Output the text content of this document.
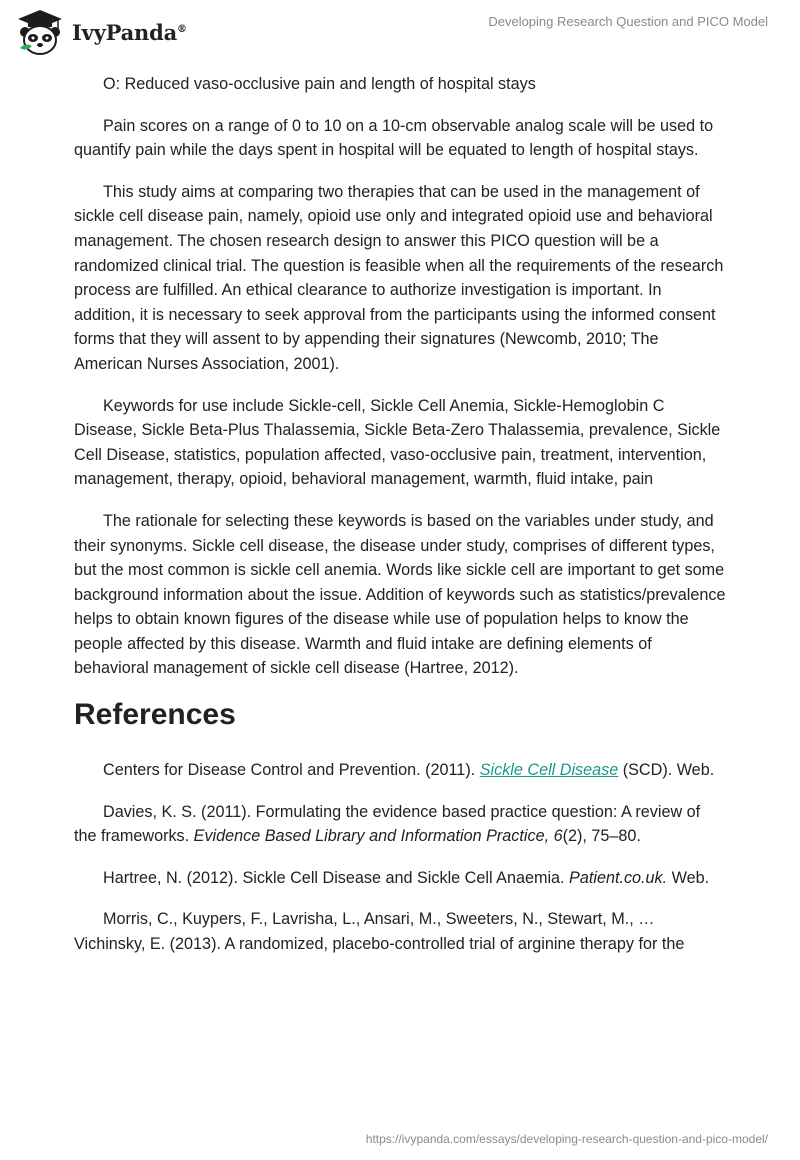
IvyPanda®	Developing Research Question and PICO Model

O: Reduced vaso-occlusive pain and length of hospital stays

Pain scores on a range of 0 to 10 on a 10-cm observable analog scale will be used to quantify pain while the days spent in hospital will be equated to length of hospital stays.

This study aims at comparing two therapies that can be used in the management of sickle cell disease pain, namely, opioid use only and integrated opioid use and behavioral management. The chosen research design to answer this PICO question will be a randomized clinical trial. The question is feasible when all the requirements of the research process are fulfilled. An ethical clearance to authorize investigation is important. In addition, it is necessary to seek approval from the participants using the informed consent forms that they will assent to by appending their signatures (Newcomb, 2010; The American Nurses Association, 2001).

Keywords for use include Sickle-cell, Sickle Cell Anemia, Sickle-Hemoglobin C Disease, Sickle Beta-Plus Thalassemia, Sickle Beta-Zero Thalassemia, prevalence, Sickle Cell Disease, statistics, population affected, vaso-occlusive pain, treatment, intervention, management, therapy, opioid, behavioral management, warmth, fluid intake, pain

The rationale for selecting these keywords is based on the variables under study, and their synonyms. Sickle cell disease, the disease under study, comprises of different types, but the most common is sickle cell anemia. Words like sickle cell are important to get some background information about the issue. Addition of keywords such as statistics/prevalence helps to obtain known figures of the disease while use of population helps to know the people affected by this disease. Warmth and fluid intake are defining elements of behavioral management of sickle cell disease (Hartree, 2012).

References

Centers for Disease Control and Prevention. (2011). Sickle Cell Disease (SCD). Web.

Davies, K. S. (2011). Formulating the evidence based practice question: A review of the frameworks. Evidence Based Library and Information Practice, 6(2), 75–80.

Hartree, N. (2012). Sickle Cell Disease and Sickle Cell Anaemia. Patient.co.uk. Web.

Morris, C., Kuypers, F., Lavrisha, L., Ansari, M., Sweeters, N., Stewart, M., … Vichinsky, E. (2013). A randomized, placebo-controlled trial of arginine therapy for the

https://ivypanda.com/essays/developing-research-question-and-pico-model/
